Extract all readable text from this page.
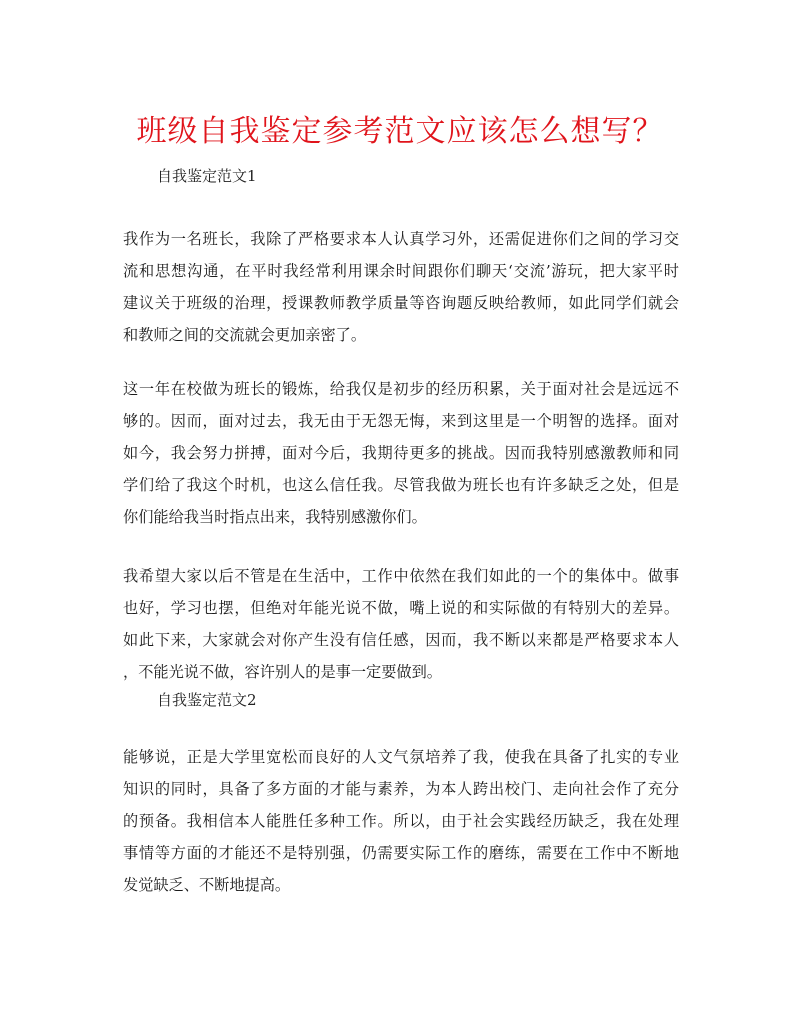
班级自我鉴定参考范文应该怎么想写？
自我鉴定范文1

我作为一名班长，我除了严格要求本人认真学习外，还需促进你们之间的学习交
流和思想沟通，在平时我经常利用课余时间跟你们聊天‘交流’游玩，把大家平时
建议关于班级的治理，授课教师教学质量等咨询题反映给教师，如此同学们就会
和教师之间的交流就会更加亲密了。

这一年在校做为班长的锻炼，给我仅是初步的经历积累，关于面对社会是远远不
够的。因而，面对过去，我无由于无怨无悔，来到这里是一个明智的选择。面对
如今，我会努力拼搏，面对今后，我期待更多的挑战。因而我特别感激教师和同
学们给了我这个时机，也这么信任我。尽管我做为班长也有许多缺乏之处，但是
你们能给我当时指点出来，我特别感激你们。

我希望大家以后不管是在生活中，工作中依然在我们如此的一个的集体中。做事
也好，学习也摆，但绝对年能光说不做，嘴上说的和实际做的有特别大的差异。
如此下来，大家就会对你产生没有信任感，因而，我不断以来都是严格要求本人
，不能光说不做，容许别人的是事一定要做到。

自我鉴定范文2

能够说，正是大学里宽松而良好的人文气氛培养了我，使我在具备了扎实的专业
知识的同时，具备了多方面的才能与素养，为本人跨出校门、走向社会作了充分
的预备。我相信本人能胜任多种工作。所以，由于社会实践经历缺乏，我在处理
事情等方面的才能还不是特别强，仍需要实际工作的磨练，需要在工作中不断地
发觉缺乏、不断地提高。
